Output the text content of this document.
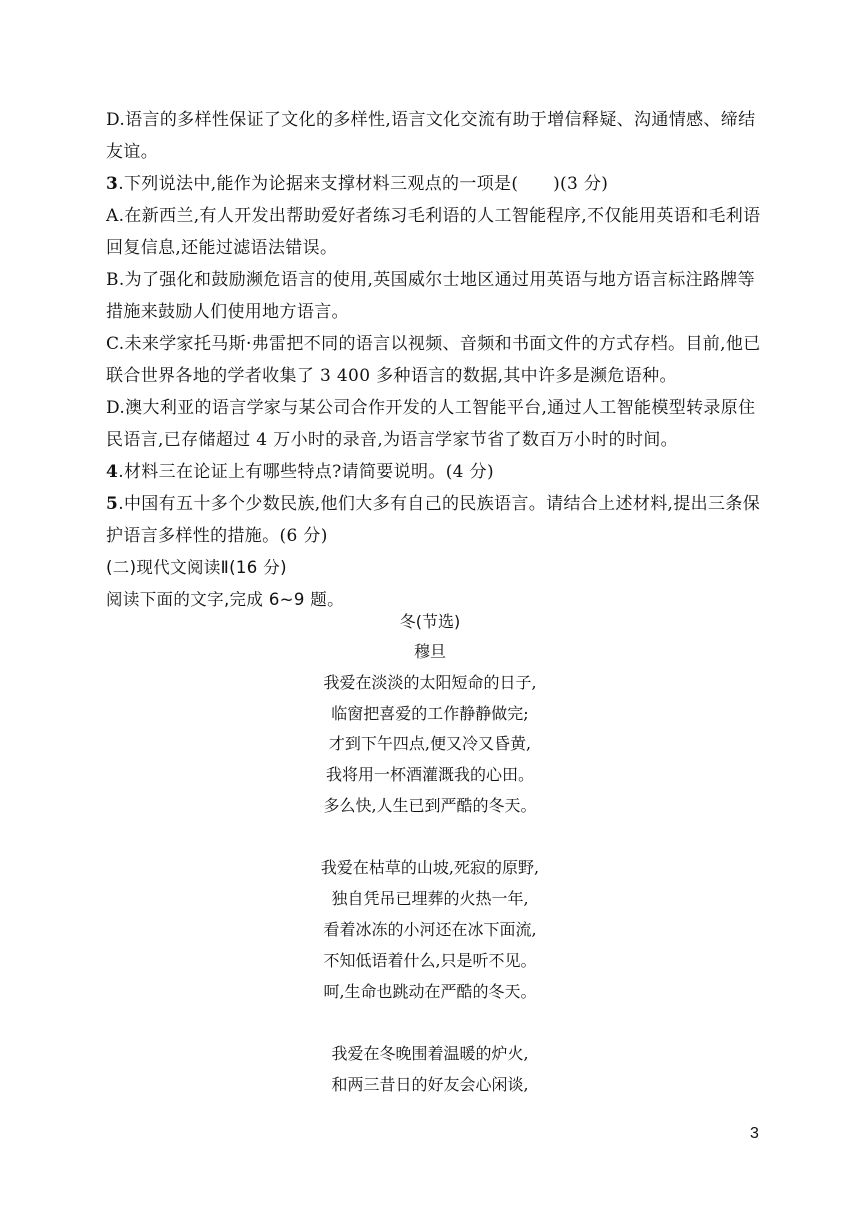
D.语言的多样性保证了文化的多样性,语言文化交流有助于增信释疑、沟通情感、缔结
友谊。
3.下列说法中,能作为论据来支撑材料三观点的一项是(　　)(3 分)
A.在新西兰,有人开发出帮助爱好者练习毛利语的人工智能程序,不仅能用英语和毛利语
回复信息,还能过滤语法错误。
B.为了强化和鼓励濒危语言的使用,英国威尔士地区通过用英语与地方语言标注路牌等
措施来鼓励人们使用地方语言。
C.未来学家托马斯·弗雷把不同的语言以视频、音频和书面文件的方式存档。目前,他已
联合世界各地的学者收集了 3 400 多种语言的数据,其中许多是濒危语种。
D.澳大利亚的语言学家与某公司合作开发的人工智能平台,通过人工智能模型转录原住
民语言,已存储超过 4 万小时的录音,为语言学家节省了数百万小时的时间。
4.材料三在论证上有哪些特点?请简要说明。(4 分)
5.中国有五十多个少数民族,他们大多有自己的民族语言。请结合上述材料,提出三条保
护语言多样性的措施。(6 分)
(二)现代文阅读Ⅱ(16 分)
阅读下面的文字,完成 6~9 题。
冬(节选)
穆旦
我爱在淡淡的太阳短命的日子,
临窗把喜爱的工作静静做完;
才到下午四点,便又冷又昏黄,
我将用一杯酒灌溉我的心田。
多么快,人生已到严酷的冬天。
我爱在枯草的山坡,死寂的原野,
独自凭吊已埋葬的火热一年,
看着冰冻的小河还在冰下面流,
不知低语着什么,只是听不见。
呵,生命也跳动在严酷的冬天。
我爱在冬晚围着温暖的炉火,
和两三昔日的好友会心闲谈,
3
